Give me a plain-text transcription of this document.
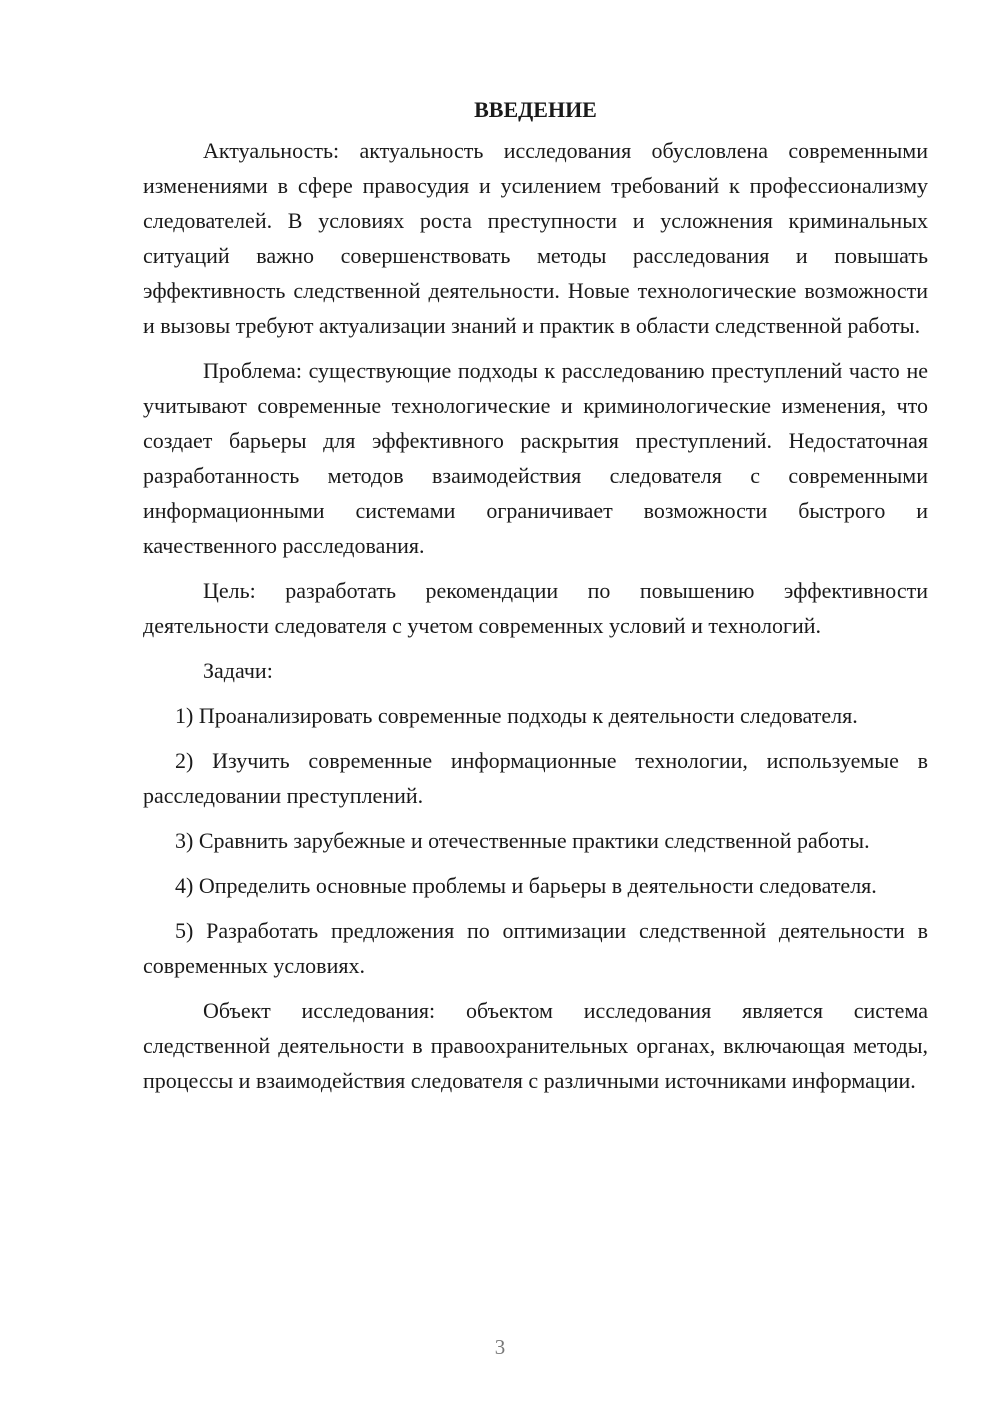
ВВЕДЕНИЕ

Актуальность: актуальность исследования обусловлена современными изменениями в сфере правосудия и усилением требований к профессионализму следователей. В условиях роста преступности и усложнения криминальных ситуаций важно совершенствовать методы расследования и повышать эффективность следственной деятельности. Новые технологические возможности и вызовы требуют актуализации знаний и практик в области следственной работы.

Проблема: существующие подходы к расследованию преступлений часто не учитывают современные технологические и криминологические изменения, что создает барьеры для эффективного раскрытия преступлений. Недостаточная разработанность методов взаимодействия следователя с современными информационными системами ограничивает возможности быстрого и качественного расследования.

Цель: разработать рекомендации по повышению эффективности деятельности следователя с учетом современных условий и технологий.

Задачи:

1) Проанализировать современные подходы к деятельности следователя.

2) Изучить современные информационные технологии, используемые в расследовании преступлений.

3) Сравнить зарубежные и отечественные практики следственной работы.

4) Определить основные проблемы и барьеры в деятельности следователя.

5) Разработать предложения по оптимизации следственной деятельности в современных условиях.

Объект исследования: объектом исследования является система следственной деятельности в правоохранительных органах, включающая методы, процессы и взаимодействия следователя с различными источниками информации.

3
